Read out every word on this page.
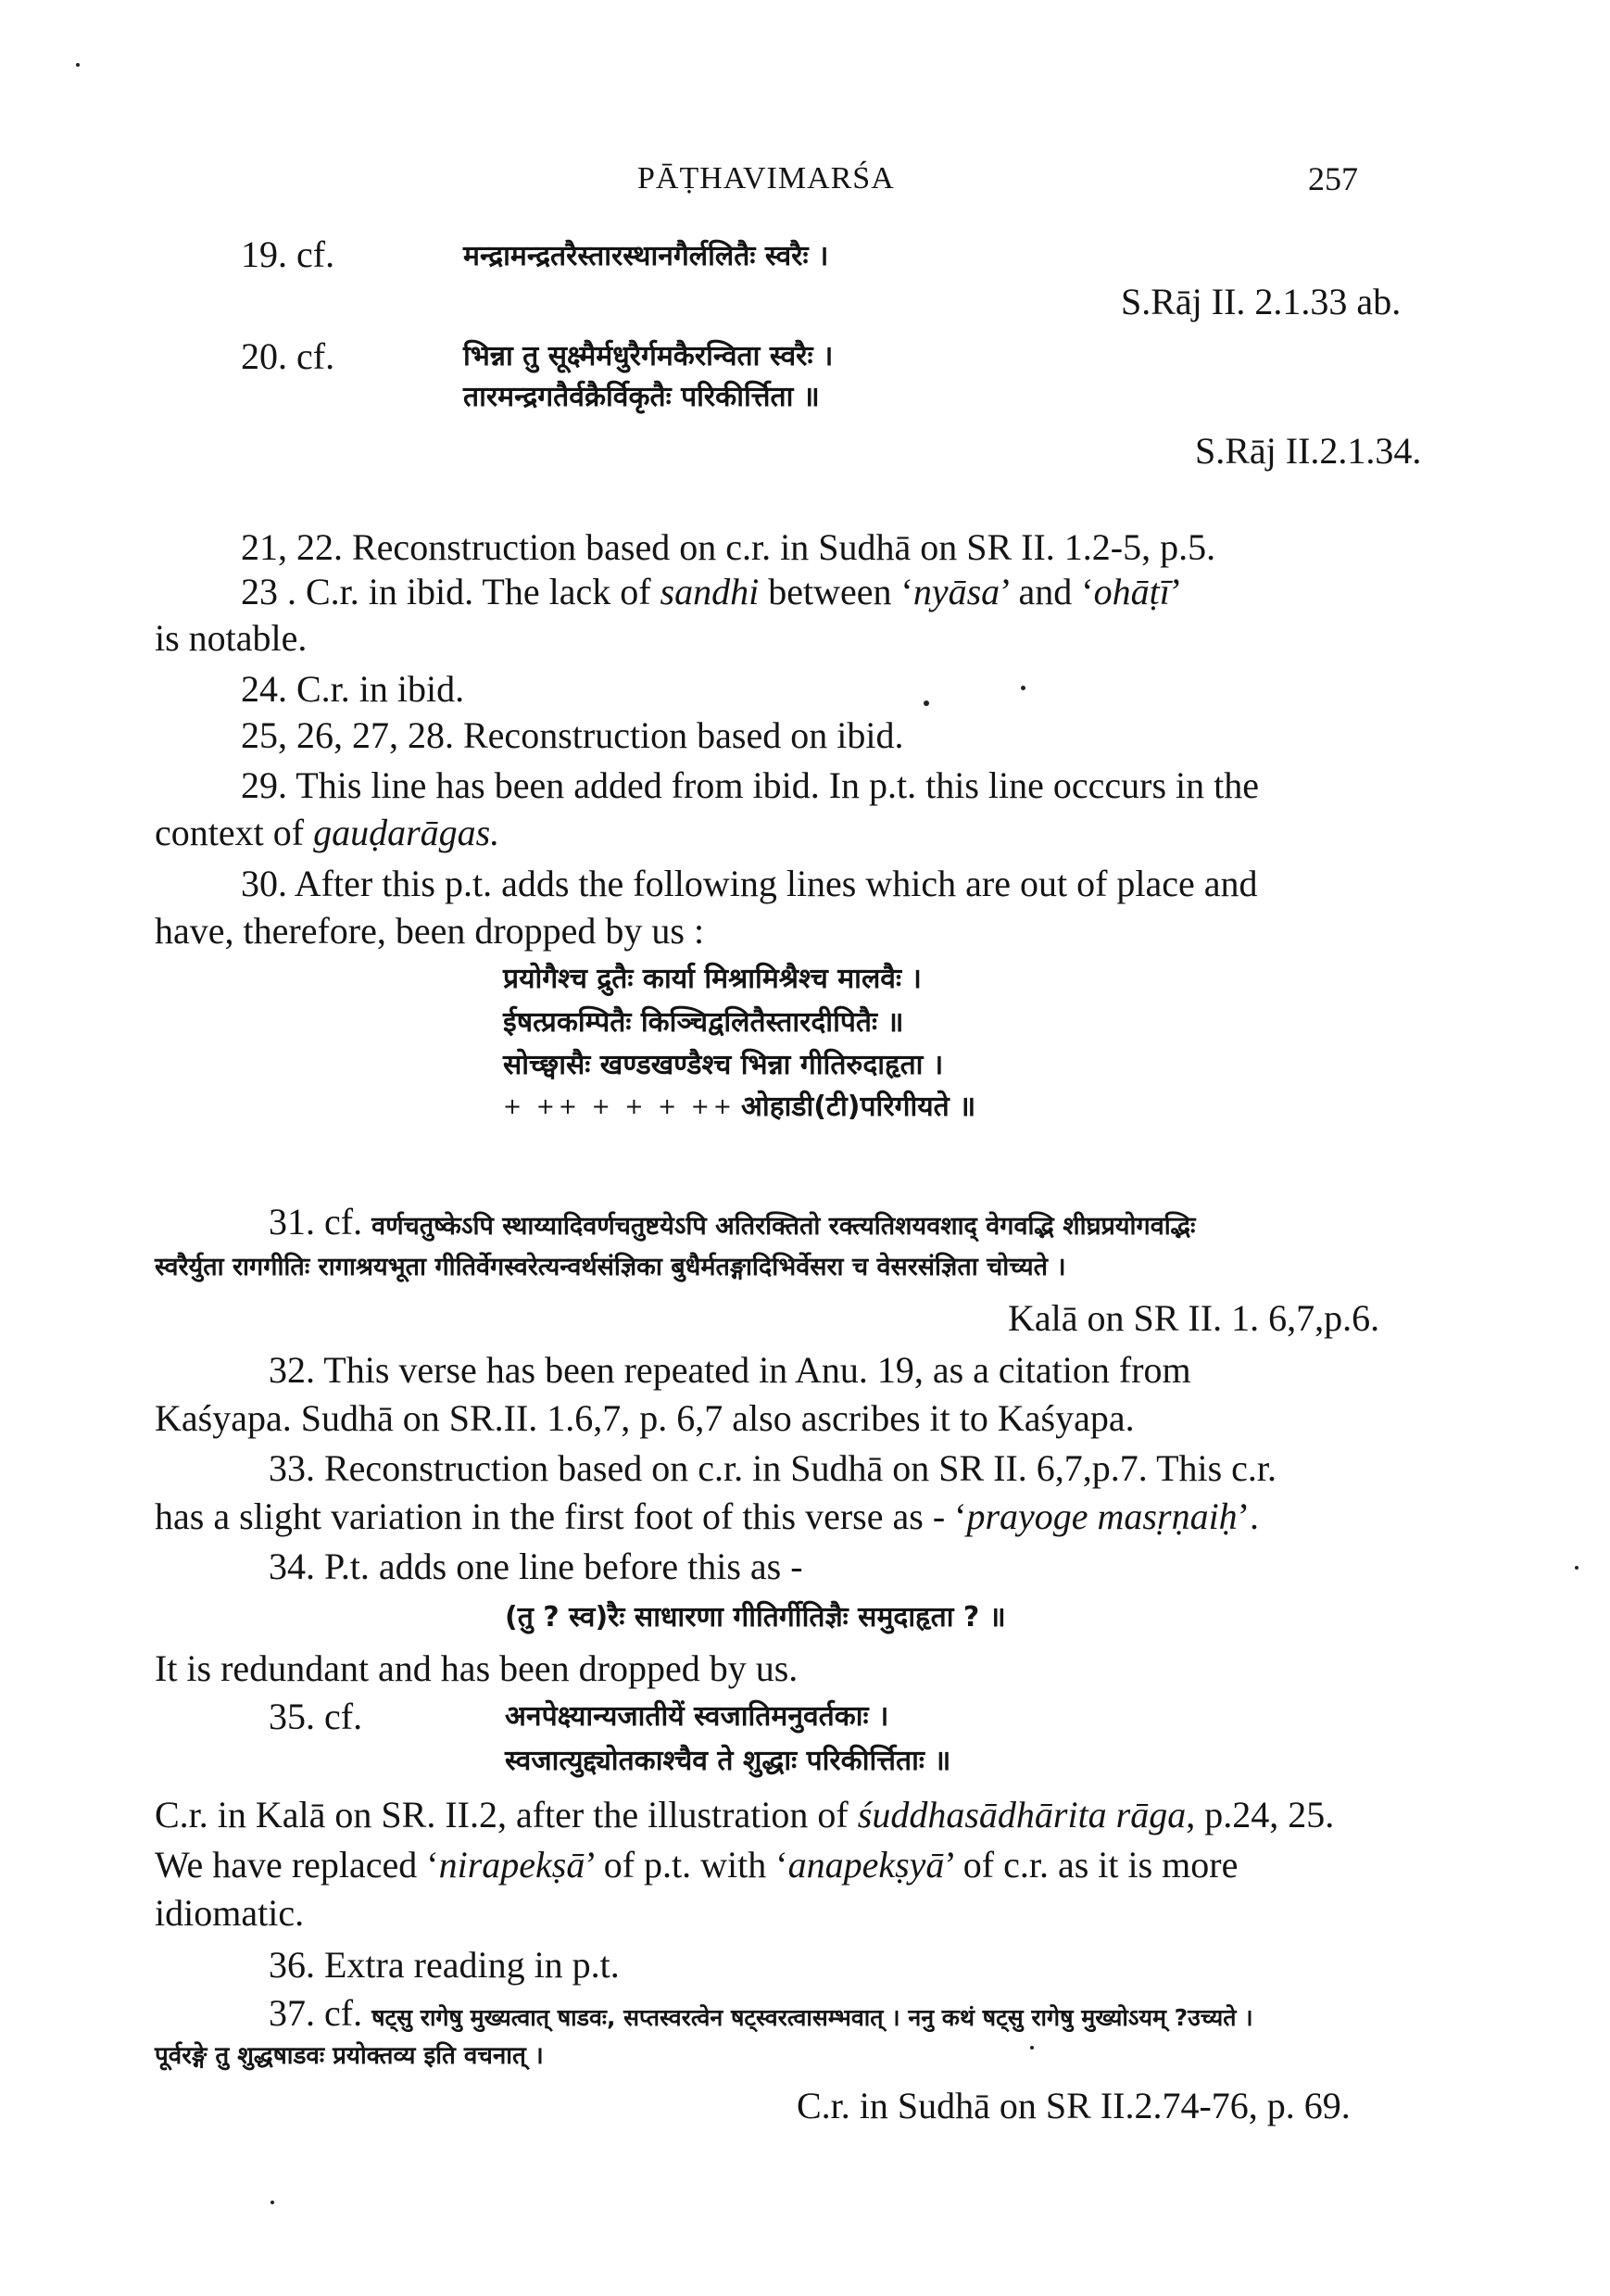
PĀṬHAVIMARŚA	257
19. cf.	मन्द्रामन्द्रतरैस्तारस्थानगैर्ललितैः स्वरैः ।
S.Rāj II. 2.1.33 ab.
20. cf.	भिन्ना तु सूक्ष्मैर्मधुरैर्गमकैरन्विता स्वरैः ।
तारमन्द्रगतैर्वक्रैर्विकृतैः परिकीर्त्तिता ॥
S.Rāj II.2.1.34.
21, 22. Reconstruction based on c.r. in Sudhā on SR II. 1.2-5, p.5.
23 . C.r. in ibid. The lack of sandhi between ‘nyāsa’ and ‘ohāṭī’
is notable.
24. C.r. in ibid.
25, 26, 27, 28. Reconstruction based on ibid.
29. This line has been added from ibid. In p.t. this line occcurs in the
context of gauḍarāgas.
30. After this p.t. adds the following lines which are out of place and
have, therefore, been dropped by us :
प्रयोगैश्च द्रुतैः कार्या मिश्रामिश्रैश्च मालवैः ।
ईषत्प्रकम्पितैः किञ्चिद्वलितैस्तारदीपितैः ॥
सोच्छ्वासैः खण्डखण्डैश्च भिन्ना गीतिरुदाहृता ।
+ ++ + + + ++ ओहाडी(टी)परिगीयते ॥
31. cf. वर्णचतुष्केऽपि स्थाय्यादिवर्णचतुष्टयेऽपि अतिरक्तितो रक्त्यतिशयवशाद् वेगवद्भि शीघ्रप्रयोगवद्भिः
स्वरैर्युता रागगीतिः रागाश्रयभूता गीतिर्वेगस्वरेत्यन्वर्थसंज्ञिका बुधैर्मतङ्गादिभिर्वेसरा च वेसरसंज्ञिता चोच्यते ।
Kalā on SR II. 1. 6,7,p.6.
32. This verse has been repeated in Anu. 19, as a citation from
Kaśyapa. Sudhā on SR.II. 1.6,7, p. 6,7 also ascribes it to Kaśyapa.
33. Reconstruction based on c.r. in Sudhā on SR II. 6,7,p.7. This c.r.
has a slight variation in the first foot of this verse as - ‘prayoge masṛṇaiḥ’.
34. P.t. adds one line before this as -
(तु ? स्व)रैः साधारणा गीतिर्गीतिज्ञैः समुदाहृता ? ॥
It is redundant and has been dropped by us.
35. cf.	अनपेक्ष्यान्यजातीयें स्वजातिमनुवर्तकाः ।
स्वजात्युद्द्योतकाश्चैव ते शुद्धाः परिकीर्त्तिताः ॥
C.r. in Kalā on SR. II.2, after the illustration of śuddhasādhārita rāga, p.24, 25.
We have replaced ‘nirapekṣā’ of p.t. with ‘anapekṣyā’ of c.r. as it is more
idiomatic.
36. Extra reading in p.t.
37. cf. षट्सु रागेषु मुख्यत्वात् षाडवः, सप्तस्वरत्वेन षट्स्वरत्वासम्भवात् । ननु कथं षट्सु रागेषु मुख्योऽयम् ?उच्यते ।
पूर्वरङ्गे तु शुद्धषाडवः प्रयोक्तव्य इति वचनात् ।
C.r. in Sudhā on SR II.2.74-76, p. 69.
